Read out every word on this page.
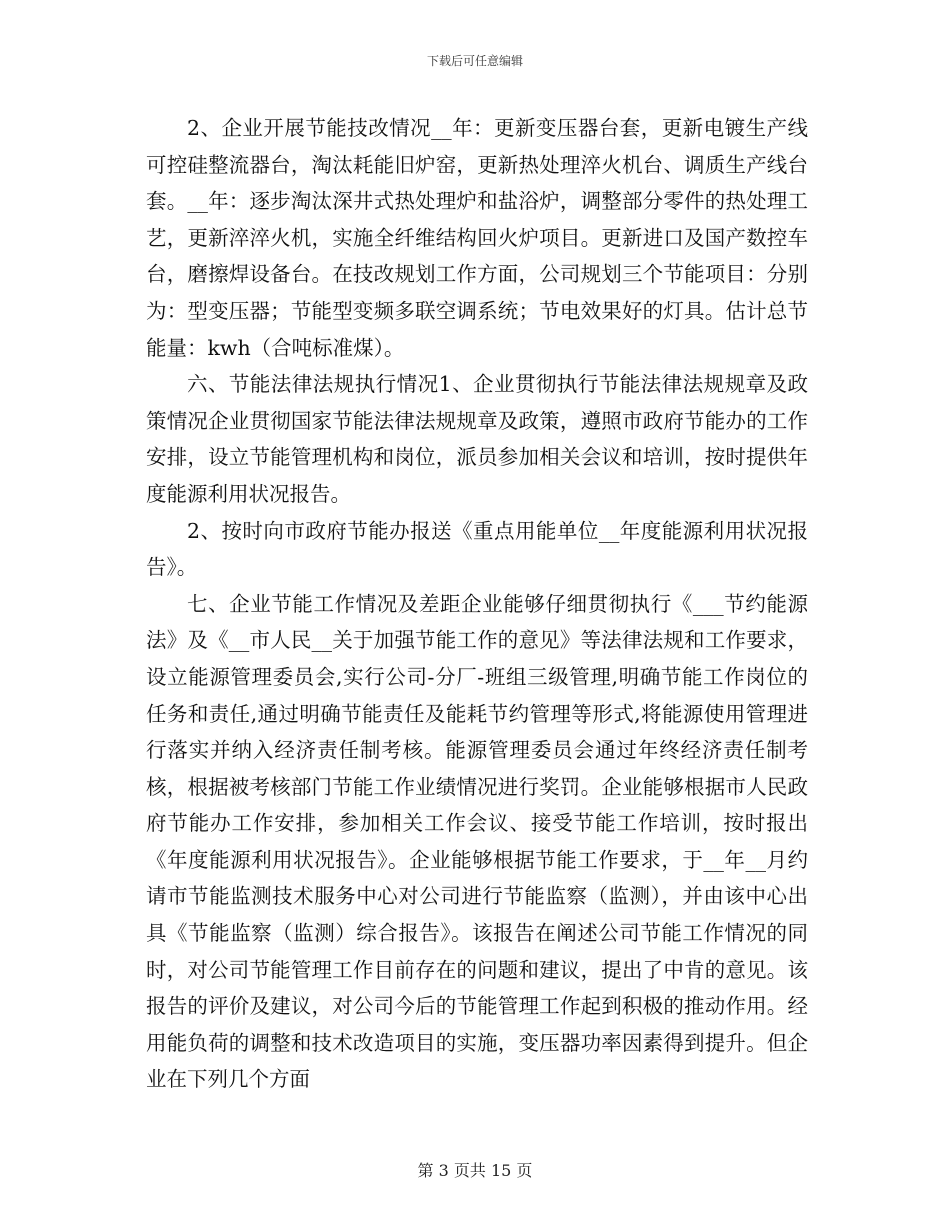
下载后可任意编辑

2、企业开展节能技改情况__年：更新变压器台套，更新电镀生产线可控硅整流器台，淘汰耗能旧炉窑，更新热处理淬火机台、调质生产线台套。__年：逐步淘汰深井式热处理炉和盐浴炉，调整部分零件的热处理工艺，更新淬淬火机，实施全纤维结构回火炉项目。更新进口及国产数控车台，磨擦焊设备台。在技改规划工作方面，公司规划三个节能项目：分别为：型变压器；节能型变频多联空调系统；节电效果好的灯具。估计总节能量：kwh（合吨标准煤）。

六、节能法律法规执行情况1、企业贯彻执行节能法律法规规章及政策情况企业贯彻国家节能法律法规规章及政策，遵照市政府节能办的工作安排，设立节能管理机构和岗位，派员参加相关会议和培训，按时提供年度能源利用状况报告。

2、按时向市政府节能办报送《重点用能单位__年度能源利用状况报告》。

七、企业节能工作情况及差距企业能够仔细贯彻执行《___节约能源法》及《__市人民__关于加强节能工作的意见》等法律法规和工作要求，设立能源管理委员会,实行公司-分厂-班组三级管理,明确节能工作岗位的任务和责任,通过明确节能责任及能耗节约管理等形式,将能源使用管理进行落实并纳入经济责任制考核。能源管理委员会通过年终经济责任制考核，根据被考核部门节能工作业绩情况进行奖罚。企业能够根据市人民政府节能办工作安排，参加相关工作会议、接受节能工作培训，按时报出《年度能源利用状况报告》。企业能够根据节能工作要求，于__年__月约请市节能监测技术服务中心对公司进行节能监察（监测），并由该中心出具《节能监察（监测）综合报告》。该报告在阐述公司节能工作情况的同时，对公司节能管理工作目前存在的问题和建议，提出了中肯的意见。该报告的评价及建议，对公司今后的节能管理工作起到积极的推动作用。经用能负荷的调整和技术改造项目的实施，变压器功率因素得到提升。但企业在下列几个方面

第 3 页共 15 页
